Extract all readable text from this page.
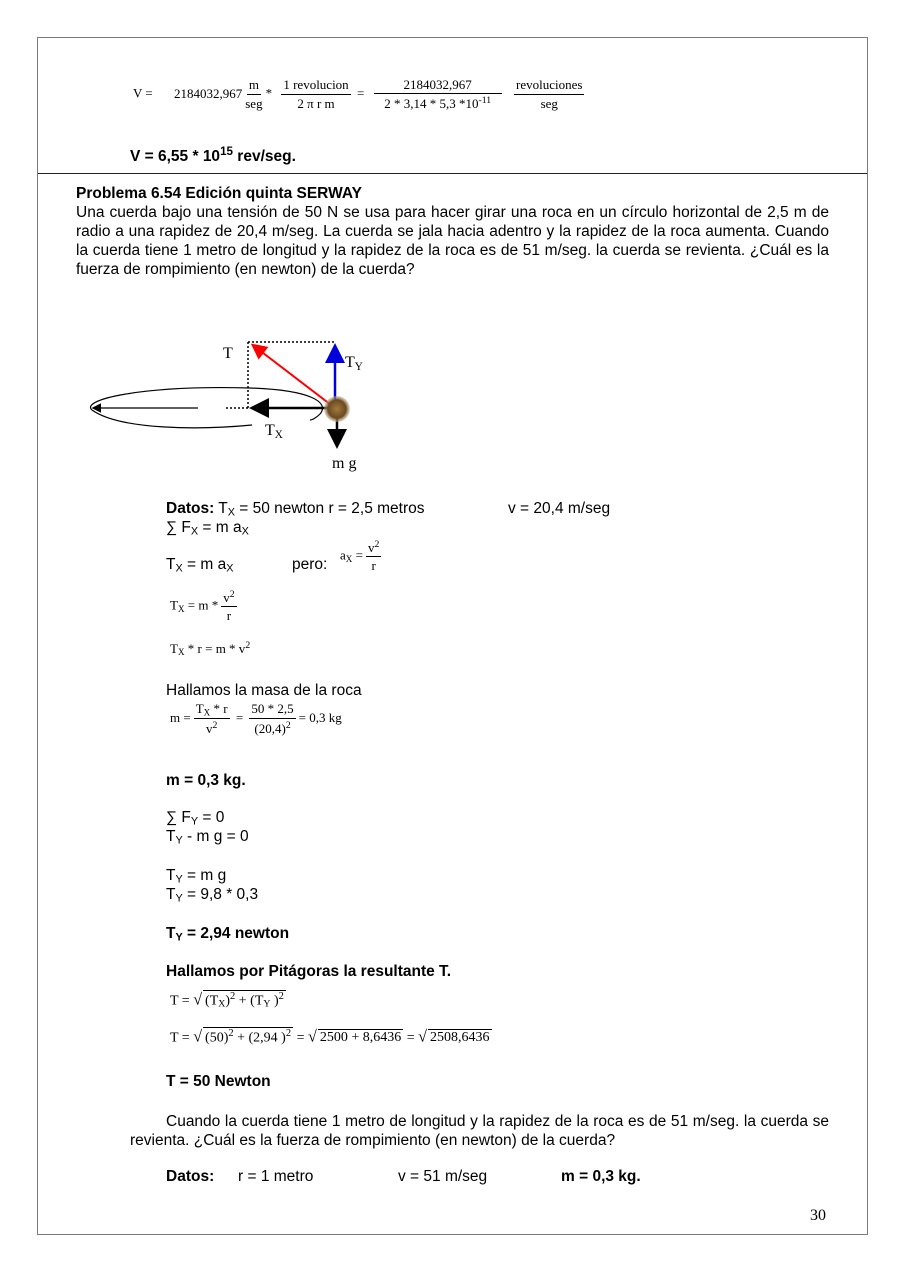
$V = 2184032,967 \frac{m}{\text{seg}} * \frac{\text{1 revolucion}}{\text{2 π r m}} = \frac{2184032,967}{2 * 3,14 * 5,3 *10^{-11}}$
$\frac{\text{revoluciones}}{\text{seg}}$
$V = 6,55 * 10^{15}$ rev/seg.
Problema 6.54 Edición quinta SERWAY
Una cuerda bajo una tensión de 50 N se usa para hacer girar una roca en un círculo horizontal de 2,5 m de radio a una rapidez de 20,4 m/seg. La cuerda se jala hacia adentro y la rapidez de la roca aumenta. Cuando la cuerda tiene 1 metro de longitud y la rapidez de la roca es de 51 m/seg. la cuerda se revienta. ¿Cuál es la fuerza de rompimiento (en newton) de la cuerda?
T
$T_Y$
$T_X$
m g
Datos: $T_X = 50$ newton r = 2,5 metros	v = 20,4 m/seg
∑ $F_X = m$ $a_X$
$T_X = m$ $a_X$	pero:
$a_X = \frac{v^2}{r}$
$T_X = m * \frac{v^2}{r}$
$T_X * r = m * v^2$
Hallamos la masa de la roca
$m = \frac{T_X * r}{v^2} = \frac{50 * 2,5}{(20,4)^2} = 0,3$ kg
m = 0,3 kg.
∑ $F_Y = 0$
$T_Y$ - m g = 0
$T_Y = m$ g
$T_Y = 9,8 * 0,3$
$T_Y = 2,94$ newton
Hallamos por Pitágoras la resultante T.
T = √ $(T_X)^2 + (T_Y$ )$^2$
T = √ $(50)^2 + (2,94$ )$^2$ = √ 2500 + 8,6436 = √ 2508,6436
T = 50 Newton
Cuando la cuerda tiene 1 metro de longitud y la rapidez de la roca es de 51 m/seg. la cuerda se revienta. ¿Cuál es la fuerza de rompimiento (en newton) de la cuerda?
Datos: r = 1 metro	v = 51 m/seg	m = 0,3 kg.
30
